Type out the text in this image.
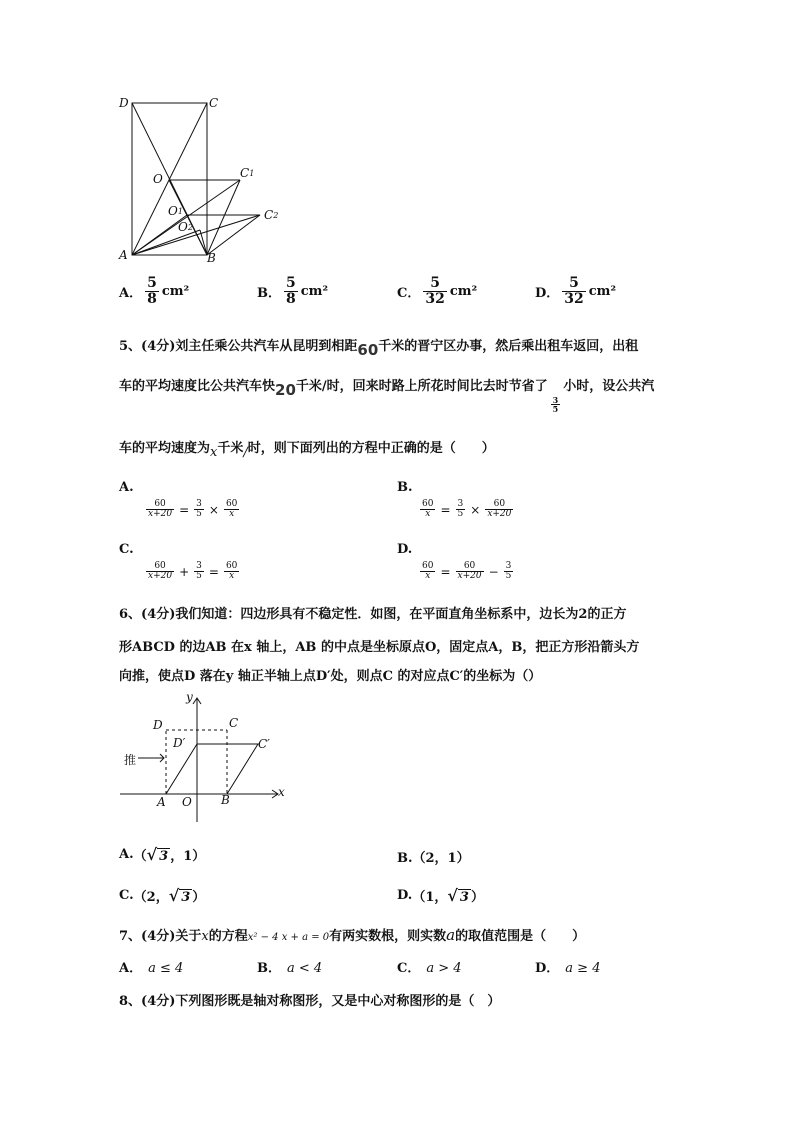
D	C
O	C1
O1	C2
O2
A	B
A． $\frac{5}{8} cm^2$	B． $\frac{5}{8} cm^2$	C． $\frac{5}{32} cm^2$	D． $\frac{5}{32} cm^2$
5、(4分)刘主任乘公共汽车从昆明到相距60千米的晋宁区办事，然后乘出租车返回，出租
车的平均速度比公共汽车快20千米/时，回来时路上所花时间比去时节省了
$\frac{3}{5}$
小时，设公共汽
车的平均速度为x千米/时，则下面列出的方程中正确的是（　　）
A.
$\frac{60}{x+20} = \frac{3}{5} \times \frac{60}{x}$
B.
$\frac{60}{x} = \frac{3}{5} \times \frac{60}{x+20}$
C.
$\frac{60}{x+20} + \frac{3}{5} = \frac{60}{x}$
D.
$\frac{60}{x} = \frac{60}{x+20} - \frac{3}{5}$
6、(4分)我们知道：四边形具有不稳定性．如图，在平面直角坐标系中，边长为2的正方
形ABCD 的边AB 在x 轴上，AB 的中点是坐标原点O，固定点A，B，把正方形沿箭头方
向推，使点D 落在y 轴正半轴上点D′处，则点C 的对应点C′的坐标为（）
y
x
D	C
D′	C′
推
A O B
A. （ √ 3 ，1）	B.（2，1）
C. （2， √ 3 ）	D. （1， √ 3 ）
7、(4分)关于x的方程x² − 4 x + a = 0有两实数根，则实数a的取值范围是（　　）
A． a ≤ 4	B． a < 4	C． a > 4	D． a ≥ 4
8、(4分)下列图形既是轴对称图形，又是中心对称图形的是（　）
